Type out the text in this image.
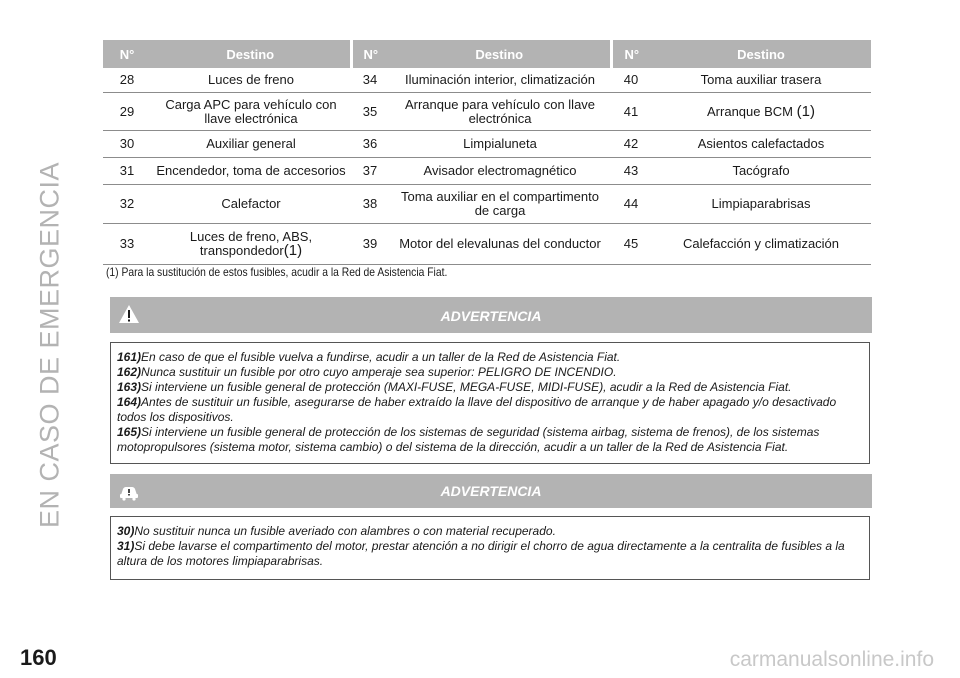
EN CASO DE EMERGENCIA
N°	Destino	N°	Destino	N°	Destino
28	Luces de freno	34	Iluminación interior, climatización	40	Toma auxiliar trasera
29	Carga APC para vehículo con llave electrónica	35	Arranque para vehículo con llave electrónica	41	Arranque BCM (1)
30	Auxiliar general	36	Limpialuneta	42	Asientos calefactados
31	Encendedor, toma de accesorios	37	Avisador electromagnético	43	Tacógrafo
32	Calefactor	38	Toma auxiliar en el compartimento de carga	44	Limpiaparabrisas
33	Luces de freno, ABS, transpondedor(1)	39	Motor del elevalunas del conductor	45	Calefacción y climatización
(1) Para la sustitución de estos fusibles, acudir a la Red de Asistencia Fiat.
ADVERTENCIA
161)En caso de que el fusible vuelva a fundirse, acudir a un taller de la Red de Asistencia Fiat.
162)Nunca sustituir un fusible por otro cuyo amperaje sea superior: PELIGRO DE INCENDIO.
163)Si interviene un fusible general de protección (MAXI-FUSE, MEGA-FUSE, MIDI-FUSE), acudir a la Red de Asistencia Fiat.
164)Antes de sustituir un fusible, asegurarse de haber extraído la llave del dispositivo de arranque y de haber apagado y/o desactivado todos los dispositivos.
165)Si interviene un fusible general de protección de los sistemas de seguridad (sistema airbag, sistema de frenos), de los sistemas motopropulsores (sistema motor, sistema cambio) o del sistema de la dirección, acudir a un taller de la Red de Asistencia Fiat.
ADVERTENCIA
30)No sustituir nunca un fusible averiado con alambres o con material recuperado.
31)Si debe lavarse el compartimento del motor, prestar atención a no dirigir el chorro de agua directamente a la centralita de fusibles a la altura de los motores limpiaparabrisas.
160	carmanualsonline.info
